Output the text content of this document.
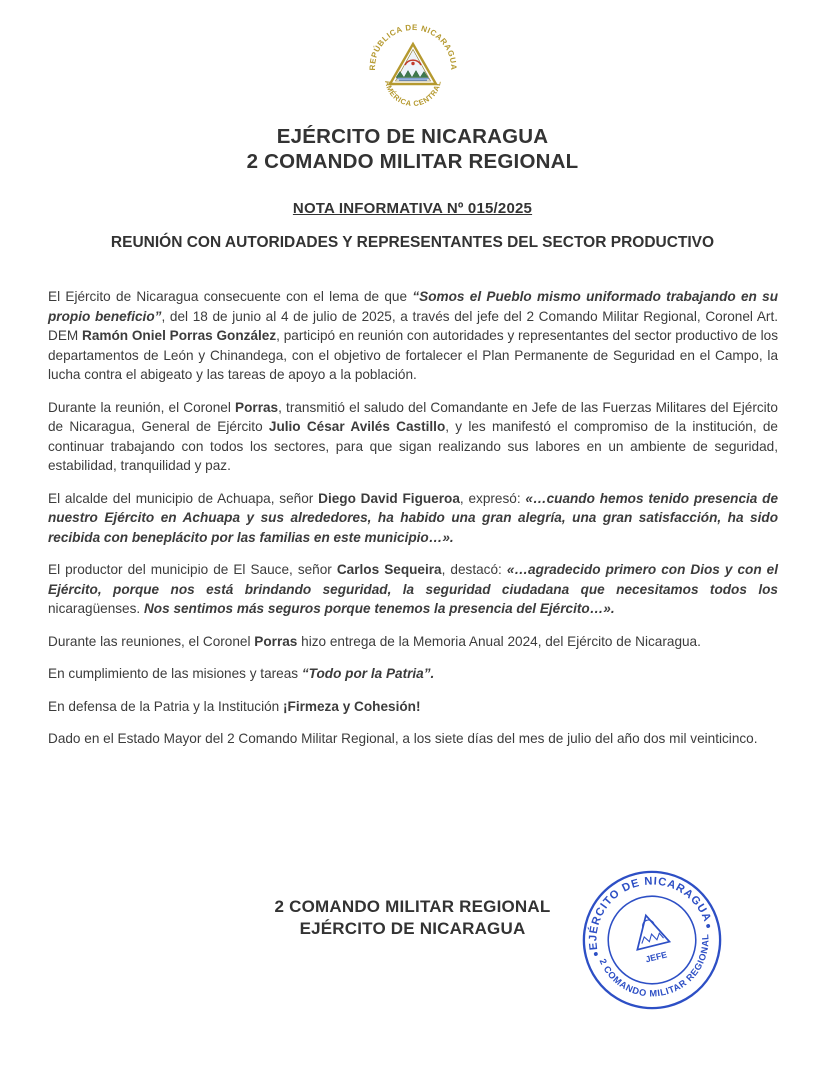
REPÚBLICA DE NICARAGUA
AMÉRICA CENTRAL
EJÉRCITO DE NICARAGUA
2 COMANDO MILITAR REGIONAL
NOTA INFORMATIVA Nº 015/2025
REUNIÓN CON AUTORIDADES Y REPRESENTANTES DEL SECTOR PRODUCTIVO

El Ejército de Nicaragua consecuente con el lema de que “Somos el Pueblo mismo uniformado trabajando en su propio beneficio”, del 18 de junio al 4 de julio de 2025, a través del jefe del 2 Comando Militar Regional, Coronel Art. DEM Ramón Oniel Porras González, participó en reunión con autoridades y representantes del sector productivo de los departamentos de León y Chinandega, con el objetivo de fortalecer el Plan Permanente de Seguridad en el Campo, la lucha contra el abigeato y las tareas de apoyo a la población.

Durante la reunión, el Coronel Porras, transmitió el saludo del Comandante en Jefe de las Fuerzas Militares del Ejército de Nicaragua, General de Ejército Julio César Avilés Castillo, y les manifestó el compromiso de la institución, de continuar trabajando con todos los sectores, para que sigan realizando sus labores en un ambiente de seguridad, estabilidad, tranquilidad y paz.

El alcalde del municipio de Achuapa, señor Diego David Figueroa, expresó: «…cuando hemos tenido presencia de nuestro Ejército en Achuapa y sus alrededores, ha habido una gran alegría, una gran satisfacción, ha sido recibida con beneplácito por las familias en este municipio…».

El productor del municipio de El Sauce, señor Carlos Sequeira, destacó: «…agradecido primero con Dios y con el Ejército, porque nos está brindando seguridad, la seguridad ciudadana que necesitamos todos los nicaragüenses. Nos sentimos más seguros porque tenemos la presencia del Ejército…».

Durante las reuniones, el Coronel Porras hizo entrega de la Memoria Anual 2024, del Ejército de Nicaragua.

En cumplimiento de las misiones y tareas “Todo por la Patria”.

En defensa de la Patria y la Institución ¡Firmeza y Cohesión!

Dado en el Estado Mayor del 2 Comando Militar Regional, a los siete días del mes de julio del año dos mil veinticinco.

2 COMANDO MILITAR REGIONAL
EJÉRCITO DE NICARAGUA
EJÉRCITO DE NICARAGUA
2 COMANDO MILITAR REGIONAL
JEFE
